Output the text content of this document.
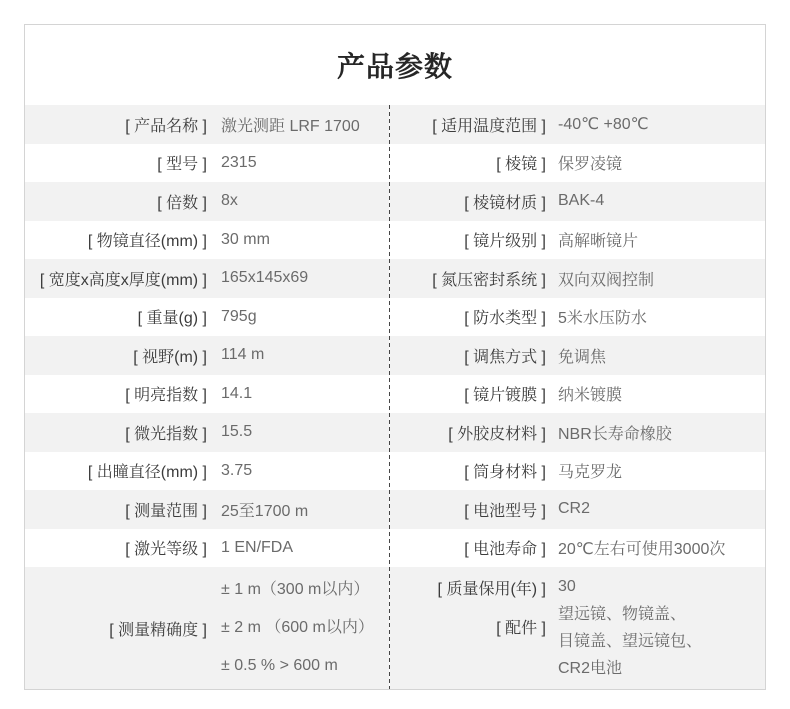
产品参数
[ 产品名称 ] 激光测距 LRF 1700
[ 型号 ] 2315
[ 倍数 ] 8x
[ 物镜直径(mm) ] 30 mm
[ 宽度x高度x厚度(mm) ] 165x145x69
[ 重量(g) ] 795g
[ 视野(m) ] 114 m
[ 明亮指数 ] 14.1
[ 微光指数 ] 15.5
[ 出瞳直径(mm) ] 3.75
[ 测量范围 ] 25至1700 m
[ 激光等级 ] 1 EN/FDA
[ 测量精确度 ]
± 1 m（300 m以内）
± 2 m （600 m以内）
± 0.5 % > 600 m
[ 适用温度范围 ] -40℃ +80℃
[ 棱镜 ] 保罗凌镜
[ 棱镜材质 ] BAK-4
[ 镜片级别 ] 高解晰镜片
[ 氮压密封系统 ] 双向双阀控制
[ 防水类型 ] 5米水压防水
[ 调焦方式 ] 免调焦
[ 镜片镀膜 ] 纳米镀膜
[ 外胶皮材料 ] NBR长寿命橡胶
[ 筒身材料 ] 马克罗龙
[ 电池型号 ] CR2
[ 电池寿命 ] 20℃左右可使用3000次
[ 质量保用(年) ] 30
[ 配件 ]
望远镜、物镜盖、
目镜盖、望远镜包、
CR2电池
